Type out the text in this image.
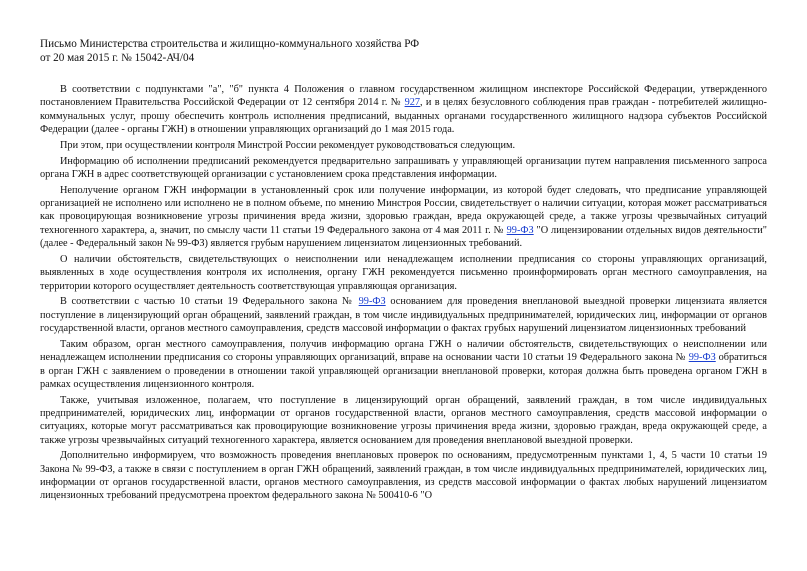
Письмо Министерства строительства и жилищно-коммунального хозяйства РФ

от 20 мая 2015 г. № 15042-АЧ/04

В соответствии с подпунктами "а", "б" пункта 4 Положения о главном государственном жилищном инспекторе Российской Федерации, утвержденного постановлением Правительства Российской Федерации от 12 сентября 2014 г. № 927, и в целях безусловного соблюдения прав граждан - потребителей жилищно-коммунальных услуг, прошу обеспечить контроль исполнения предписаний, выданных органами государственного жилищного надзора субъектов Российской Федерации (далее - органы ГЖН) в отношении управляющих организаций до 1 мая 2015 года.

При этом, при осуществлении контроля Минстрой России рекомендует руководствоваться следующим.

Информацию об исполнении предписаний рекомендуется предварительно запрашивать у управляющей организации путем направления письменного запроса органа ГЖН в адрес соответствующей организации с установлением срока представления информации.

Неполучение органом ГЖН информации в установленный срок или получение информации, из которой будет следовать, что предписание управляющей организацией не исполнено или исполнено не в полном объеме, по мнению Минстроя России, свидетельствует о наличии ситуации, которая может рассматриваться как провоцирующая возникновение угрозы причинения вреда жизни, здоровью граждан, вреда окружающей среде, а также угрозы чрезвычайных ситуаций техногенного характера, а, значит, по смыслу части 11 статьи 19 Федерального закона от 4 мая 2011 г. № 99-ФЗ "О лицензировании отдельных видов деятельности" (далее - Федеральный закон № 99-ФЗ) является грубым нарушением лицензиатом лицензионных требований.

О наличии обстоятельств, свидетельствующих о неисполнении или ненадлежащем исполнении предписания со стороны управляющих организаций, выявленных в ходе осуществления контроля их исполнения, органу ГЖН рекомендуется письменно проинформировать орган местного самоуправления, на территории которого осуществляет деятельность соответствующая управляющая организация.

В соответствии с частью 10 статьи 19 Федерального закона № 99-ФЗ основанием для проведения внеплановой выездной проверки лицензиата является поступление в лицензирующий орган обращений, заявлений граждан, в том числе индивидуальных предпринимателей, юридических лиц, информации от органов государственной власти, органов местного самоуправления, средств массовой информации о фактах грубых нарушений лицензиатом лицензионных требований

Таким образом, орган местного самоуправления, получив информацию органа ГЖН о наличии обстоятельств, свидетельствующих о неисполнении или ненадлежащем исполнении предписания со стороны управляющих организаций, вправе на основании части 10 статьи 19 Федерального закона № 99-ФЗ обратиться в орган ГЖН с заявлением о проведении в отношении такой управляющей организации внеплановой проверки, которая должна быть проведена органом ГЖН в рамках осуществления лицензионного контроля.

Также, учитывая изложенное, полагаем, что поступление в лицензирующий орган обращений, заявлений граждан, в том числе индивидуальных предпринимателей, юридических лиц, информации от органов государственной власти, органов местного самоуправления, средств массовой информации о ситуациях, которые могут рассматриваться как провоцирующие возникновение угрозы причинения вреда жизни, здоровью граждан, вреда окружающей среде, а также угрозы чрезвычайных ситуаций техногенного характера, является основанием для проведения внеплановой выездной проверки.

Дополнительно информируем, что возможность проведения внеплановых проверок по основаниям, предусмотренным пунктами 1, 4, 5 части 10 статьи 19 Закона № 99-ФЗ, а также в связи с поступлением в орган ГЖН обращений, заявлений граждан, в том числе индивидуальных предпринимателей, юридических лиц, информации от органов государственной власти, органов местного самоуправления, из средств массовой информации о фактах любых нарушений лицензиатом лицензионных требований предусмотрена проектом федерального закона № 500410-6 "О
